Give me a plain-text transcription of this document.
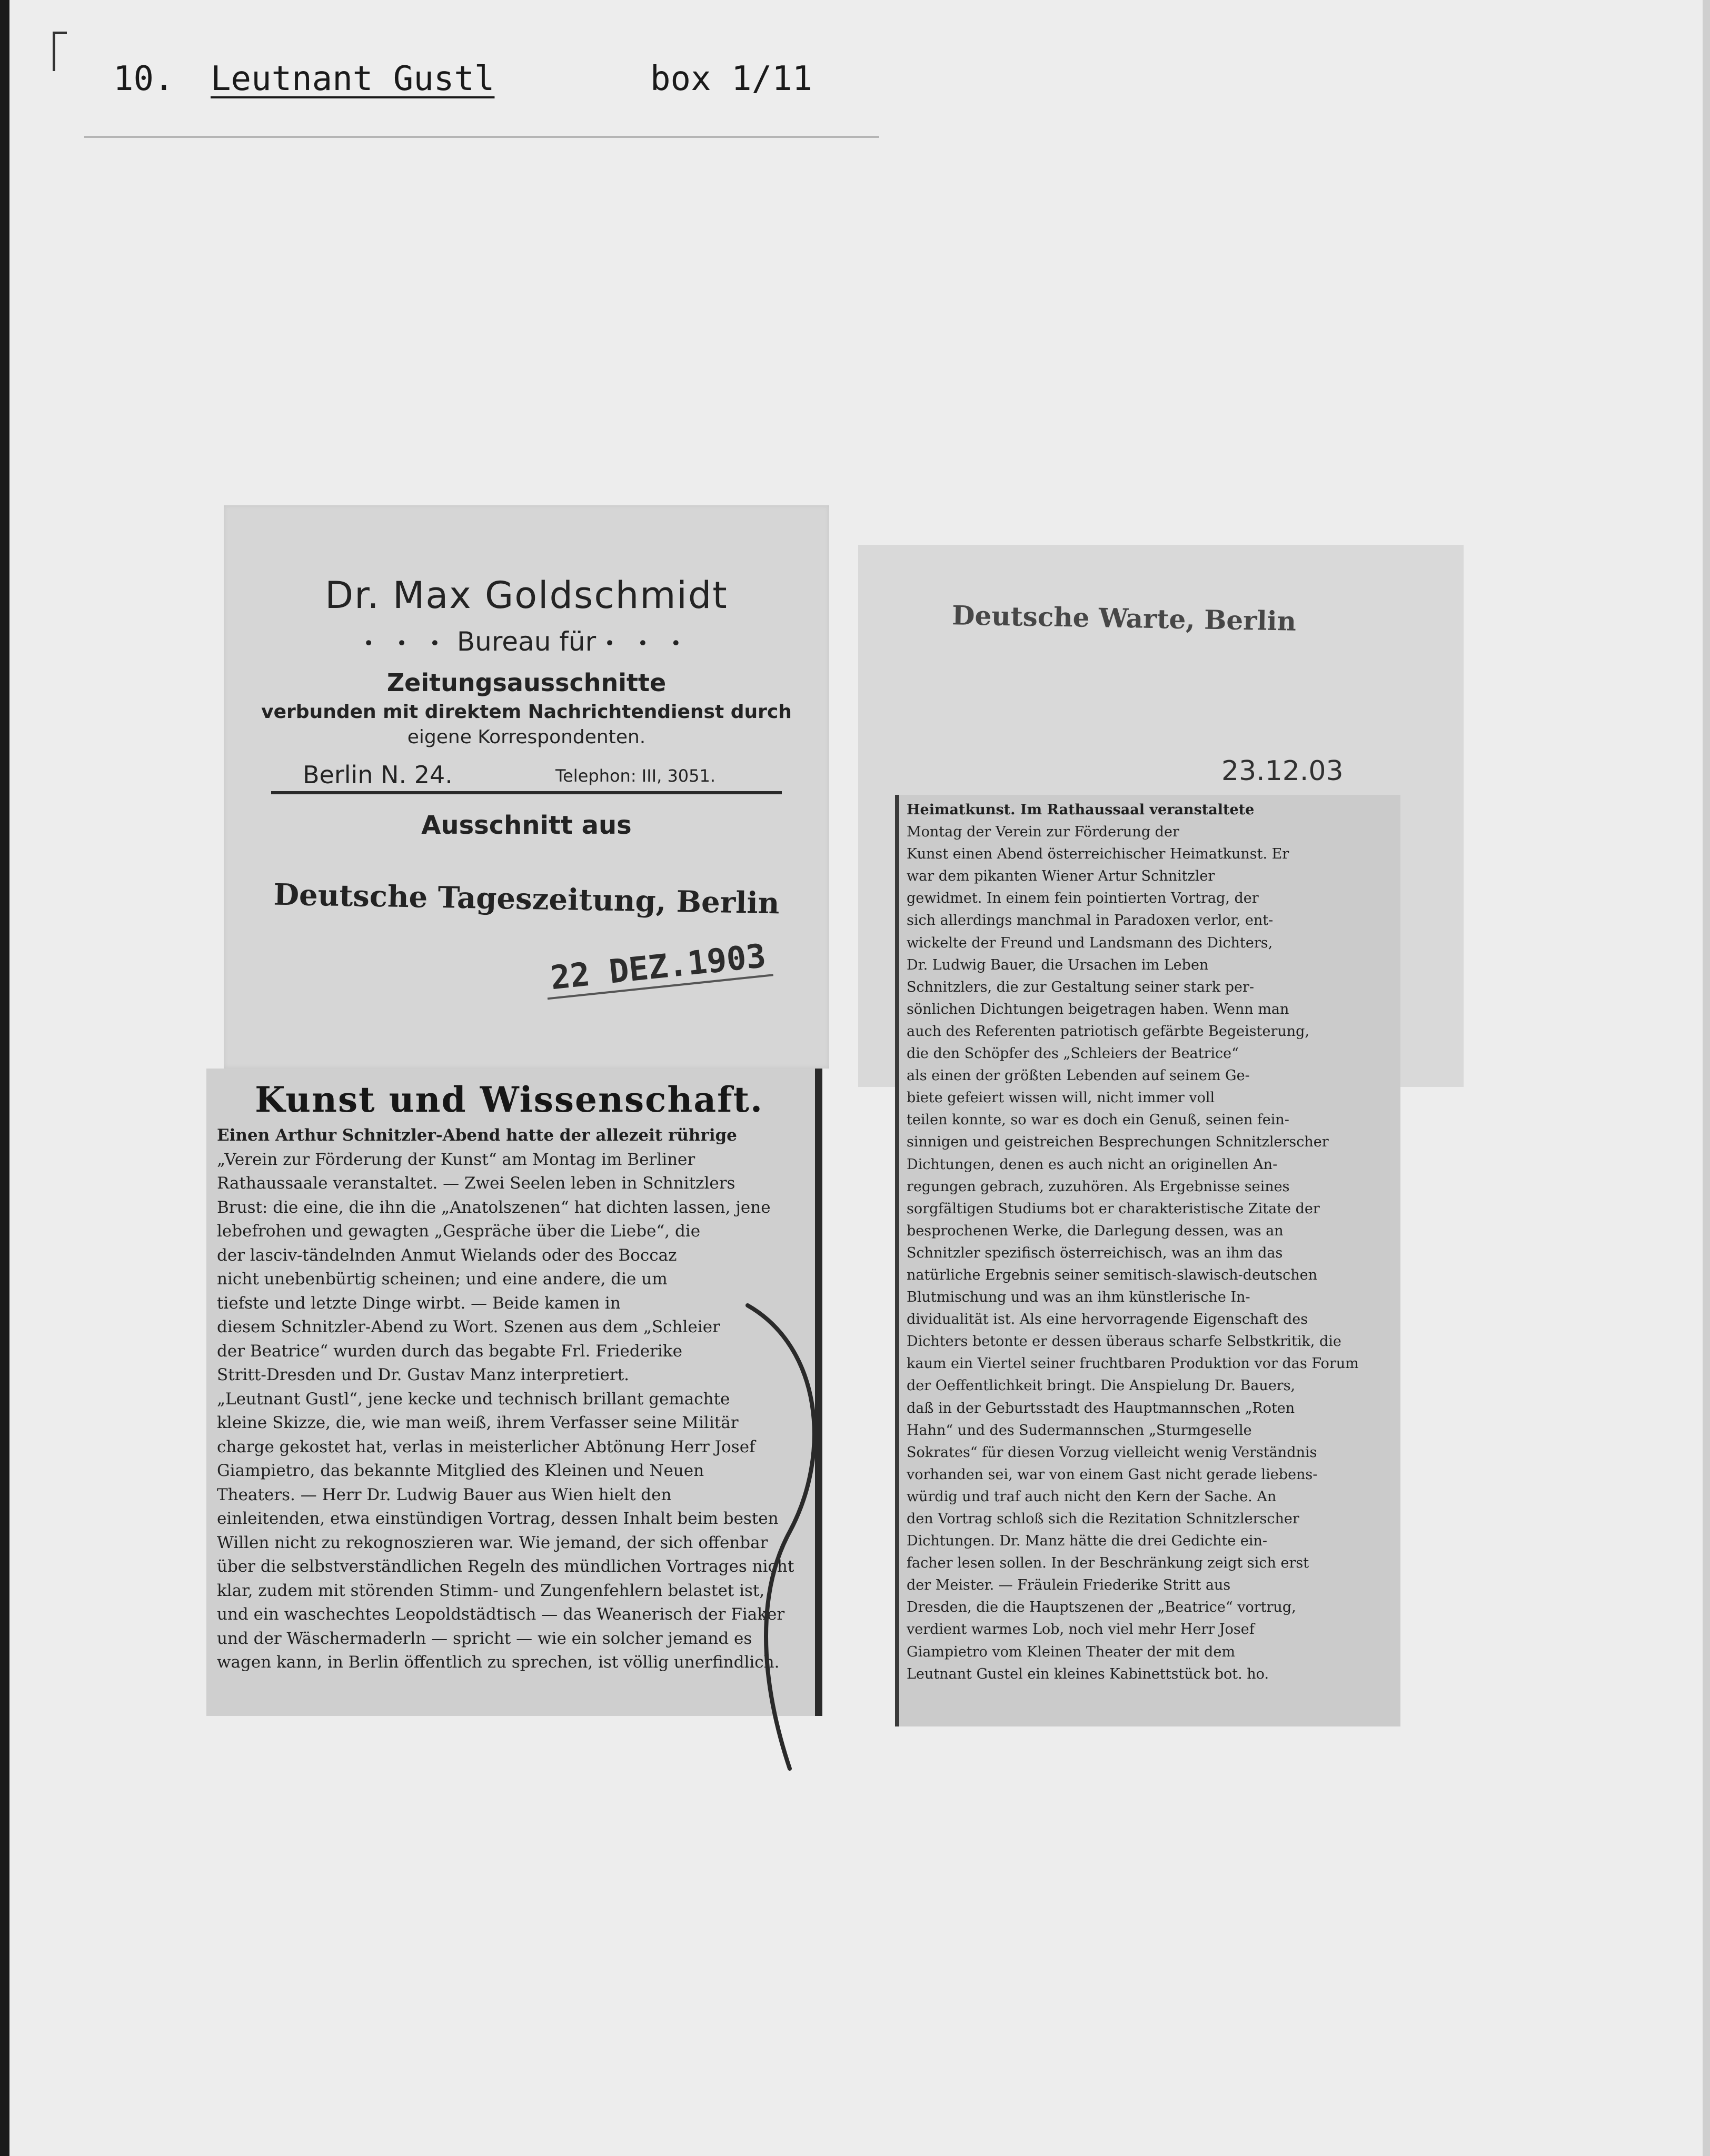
10. Leutnant Gustl	box 1/11
Dr. Max Goldschmidt
• • • Bureau für • • •
Zeitungsausschnitte
verbunden mit direktem Nachrichtendienst durch
eigene Korrespondenten.
Berlin N. 24.	Telephon: III, 3051.
Ausschnitt aus
Deutsche Tageszeitung, Berlin
22 DEZ.1903
Kunst und Wissenschaft.
Einen Arthur Schnitzler-Abend hatte der allezeit rührige
„Verein zur Förderung der Kunst“ am Montag im Berliner
Rathaussaale veranstaltet. — Zwei Seelen leben in Schnitzlers
Brust: die eine, die ihn die „Anatolszenen“ hat dichten lassen, jene
lebefrohen und gewagten „Gespräche über die Liebe“, die
der lasciv-tändelnden Anmut Wielands oder des Boccaz
nicht unebenbürtig scheinen; und eine andere, die um
tiefste und letzte Dinge wirbt. — Beide kamen in
diesem Schnitzler-Abend zu Wort. Szenen aus dem „Schleier
der Beatrice“ wurden durch das begabte Frl. Friederike
Stritt-Dresden und Dr. Gustav Manz interpretiert.
„Leutnant Gustl“, jene kecke und technisch brillant gemachte
kleine Skizze, die, wie man weiß, ihrem Verfasser seine Militär
charge gekostet hat, verlas in meisterlicher Abtönung Herr Josef
Giampietro, das bekannte Mitglied des Kleinen und Neuen
Theaters. — Herr Dr. Ludwig Bauer aus Wien hielt den
einleitenden, etwa einstündigen Vortrag, dessen Inhalt beim besten
Willen nicht zu rekognoszieren war. Wie jemand, der sich offenbar
über die selbstverständlichen Regeln des mündlichen Vortrages nicht
klar, zudem mit störenden Stimm- und Zungenfehlern belastet ist,
und ein waschechtes Leopoldstädtisch — das Weanerisch der Fiaker
und der Wäschermaderln — spricht — wie ein solcher jemand es
wagen kann, in Berlin öffentlich zu sprechen, ist völlig unerfindlich.
Deutsche Warte, Berlin
23.12.03
Heimatkunst. Im Rathaussaal veranstaltete
Montag der Verein zur Förderung der
Kunst einen Abend österreichischer Heimatkunst. Er
war dem pikanten Wiener Artur Schnitzler
gewidmet. In einem fein pointierten Vortrag, der
sich allerdings manchmal in Paradoxen verlor, ent-
wickelte der Freund und Landsmann des Dichters,
Dr. Ludwig Bauer, die Ursachen im Leben
Schnitzlers, die zur Gestaltung seiner stark per-
sönlichen Dichtungen beigetragen haben. Wenn man
auch des Referenten patriotisch gefärbte Begeisterung,
die den Schöpfer des „Schleiers der Beatrice“
als einen der größten Lebenden auf seinem Ge-
biete gefeiert wissen will, nicht immer voll
teilen konnte, so war es doch ein Genuß, seinen fein-
sinnigen und geistreichen Besprechungen Schnitzlerscher
Dichtungen, denen es auch nicht an originellen An-
regungen gebrach, zuzuhören. Als Ergebnisse seines
sorgfältigen Studiums bot er charakteristische Zitate der
besprochenen Werke, die Darlegung dessen, was an
Schnitzler spezifisch österreichisch, was an ihm das
natürliche Ergebnis seiner semitisch-slawisch-deutschen
Blutmischung und was an ihm künstlerische In-
dividualität ist. Als eine hervorragende Eigenschaft des
Dichters betonte er dessen überaus scharfe Selbstkritik, die
kaum ein Viertel seiner fruchtbaren Produktion vor das Forum
der Oeffentlichkeit bringt. Die Anspielung Dr. Bauers,
daß in der Geburtsstadt des Hauptmannschen „Roten
Hahn“ und des Sudermannschen „Sturmgeselle
Sokrates“ für diesen Vorzug vielleicht wenig Verständnis
vorhanden sei, war von einem Gast nicht gerade liebens-
würdig und traf auch nicht den Kern der Sache. An
den Vortrag schloß sich die Rezitation Schnitzlerscher
Dichtungen. Dr. Manz hätte die drei Gedichte ein-
facher lesen sollen. In der Beschränkung zeigt sich erst
der Meister. — Fräulein Friederike Stritt aus
Dresden, die die Hauptszenen der „Beatrice“ vortrug,
verdient warmes Lob, noch viel mehr Herr Josef
Giampietro vom Kleinen Theater der mit dem
Leutnant Gustel ein kleines Kabinettstück bot. ho.
